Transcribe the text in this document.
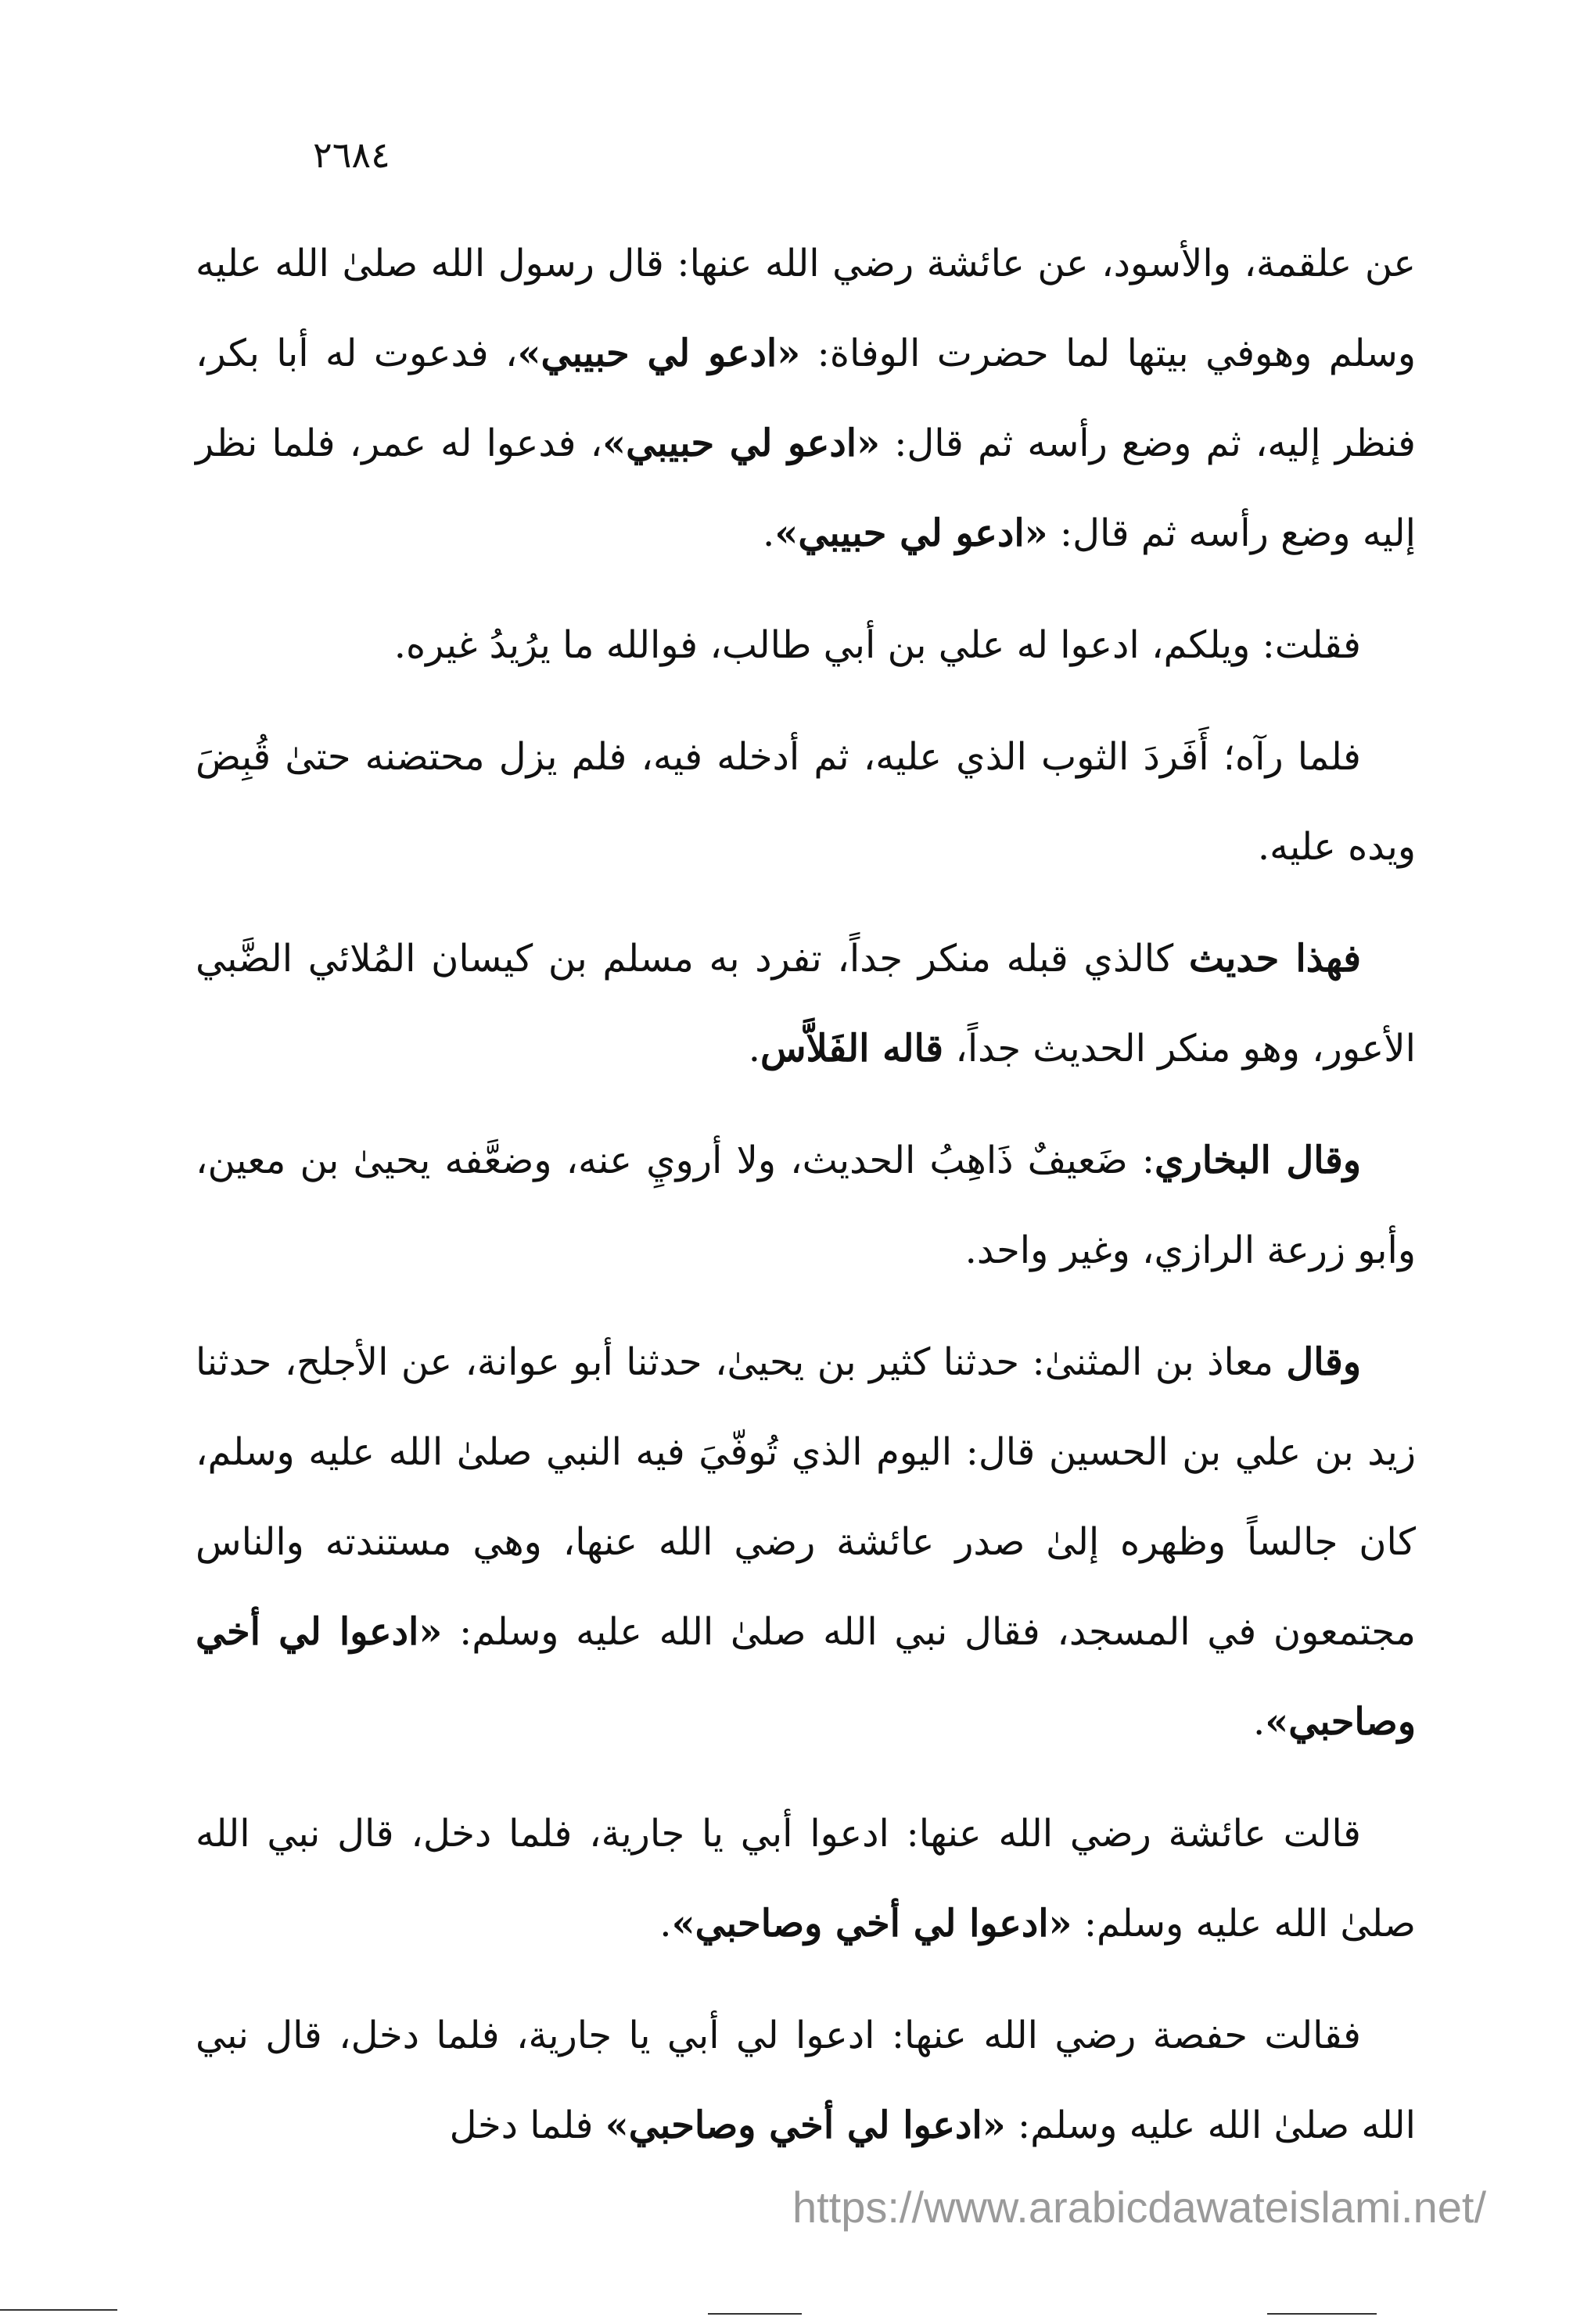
٢٦٨٤

عن علقمة، والأسود، عن عائشة رضي الله عنها: قال رسول الله صلىٰ الله عليه وسلم وهوفي بيتها لما حضرت الوفاة: «ادعو لي حبيبي»، فدعوت له أبا بكر، فنظر إليه، ثم وضع رأسه ثم قال: «ادعو لي حبيبي»، فدعوا له عمر، فلما نظر إليه وضع رأسه ثم قال: «ادعو لي حبيبي».

فقلت: ويلكم، ادعوا له علي بن أبي طالب، فوالله ما يرُيدُ غيره.

فلما رآه؛ أَفَردَ الثوب الذي عليه، ثم أدخله فيه، فلم يزل محتضنه حتىٰ قُبِضَ ويده عليه.

فهذا حديث كالذي قبله منكر جداً، تفرد به مسلم بن كيسان المُلائي الضَّبي الأعور، وهو منكر الحديث جداً، قاله الفَلاَّس.

وقال البخاري: ضَعيفٌ ذَاهِبُ الحديث، ولا أرويِ عنه، وضعَّفه يحيىٰ بن معين، وأبو زرعة الرازي، وغير واحد.

وقال معاذ بن المثنىٰ: حدثنا كثير بن يحيىٰ، حدثنا أبو عوانة، عن الأجلح، حدثنا زيد بن علي بن الحسين قال: اليوم الذي تُوفّيَ فيه النبي صلىٰ الله عليه وسلم، كان جالساً وظهره إلىٰ صدر عائشة رضي الله عنها، وهي مستندته والناس مجتمعون في المسجد، فقال نبي الله صلىٰ الله عليه وسلم: «ادعوا لي أخي وصاحبي».

قالت عائشة رضي الله عنها: ادعوا أبي يا جارية، فلما دخل، قال نبي الله صلىٰ الله عليه وسلم: «ادعوا لي أخي وصاحبي».

فقالت حفصة رضي الله عنها: ادعوا لي أبي يا جارية، فلما دخل، قال نبي الله صلىٰ الله عليه وسلم: «ادعوا لي أخي وصاحبي» فلما دخل

https://www.arabicdawateislami.net/
